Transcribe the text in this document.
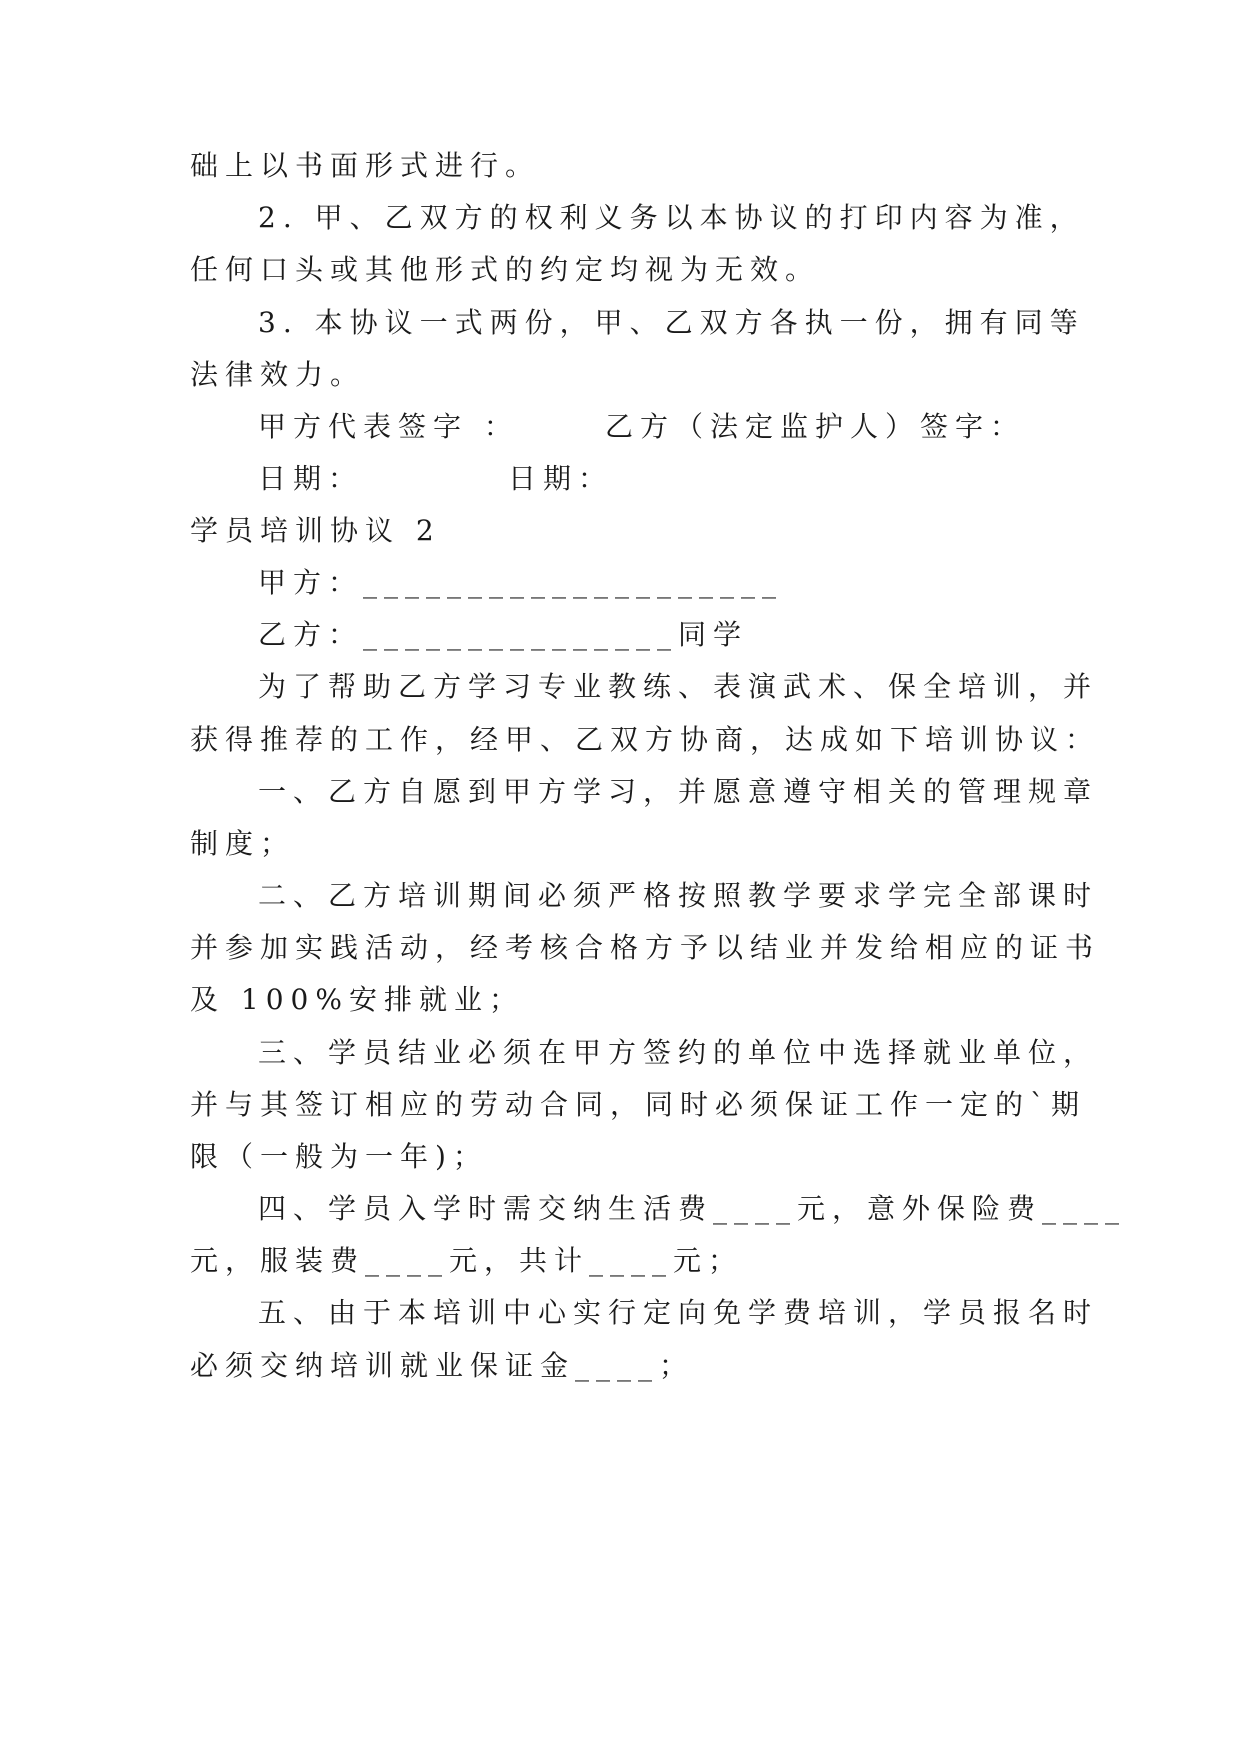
础上以书面形式进行。
2. 甲、乙双方的权利义务以本协议的打印内容为准，
任何口头或其他形式的约定均视为无效。
3. 本协议一式两份，甲、乙双方各执一份，拥有同等
法律效力。
甲方代表签字 ：	乙方（法定监护人）签字：
日期：	日期：
学员培训协议 2
甲方：____________________
乙方：_______________同学
为了帮助乙方学习专业教练、表演武术、保全培训，并
获得推荐的工作，经甲、乙双方协商，达成如下培训协议：
一、乙方自愿到甲方学习，并愿意遵守相关的管理规章
制度；
二、乙方培训期间必须严格按照教学要求学完全部课时
并参加实践活动，经考核合格方予以结业并发给相应的证书
及 100%安排就业；
三、学员结业必须在甲方签约的单位中选择就业单位，
并与其签订相应的劳动合同，同时必须保证工作一定的`期
限（一般为一年)；
四、学员入学时需交纳生活费____元，意外保险费____
元，服装费____元，共计____元；
五、由于本培训中心实行定向免学费培训，学员报名时
必须交纳培训就业保证金____；
